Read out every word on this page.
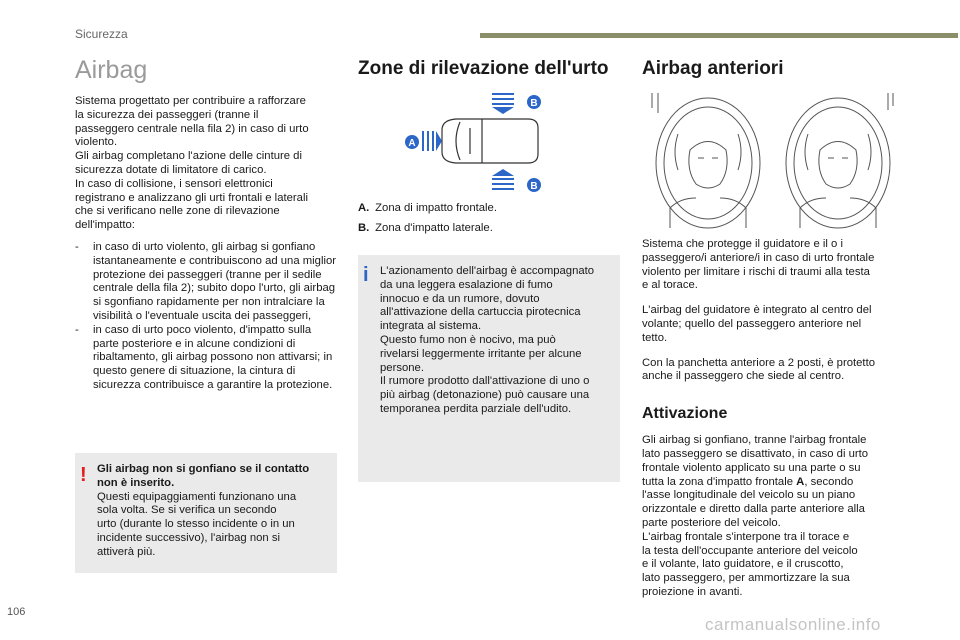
Sicurezza
Airbag

Sistema progettato per contribuire a rafforzare
la sicurezza dei passeggeri (tranne il
passeggero centrale nella fila 2) in caso di urto
violento.
Gli airbag completano l'azione delle cinture di
sicurezza dotate di limitatore di carico.
In caso di collisione, i sensori elettronici
registrano e analizzano gli urti frontali e laterali
che si verificano nelle zone di rilevazione
dell'impatto:

- in caso di urto violento, gli airbag si gonfiano istantaneamente e contribuiscono ad una miglior protezione dei passeggeri (tranne per il sedile centrale della fila 2); subito dopo l'urto, gli airbag si sgonfiano rapidamente per non intralciare la visibilità o l'eventuale uscita dei passeggeri,
- in caso di urto poco violento, d'impatto sulla parte posteriore e in alcune condizioni di ribaltamento, gli airbag possono non attivarsi; in questo genere di situazione, la cintura di sicurezza contribuisce a garantire la protezione.
! Gli airbag non si gonfiano se il contatto
non è inserito.
Questi equipaggiamenti funzionano una
sola volta. Se si verifica un secondo
urto (durante lo stesso incidente o in un
incidente successivo), l'airbag non si
attiverà più.
Zone di rilevazione dell'urto
A
B
B
A. Zona di impatto frontale.
B. Zona d'impatto laterale.
i L'azionamento dell'airbag è accompagnato
da una leggera esalazione di fumo
innocuo e da un rumore, dovuto
all'attivazione della cartuccia pirotecnica
integrata al sistema.
Questo fumo non è nocivo, ma può
rivelarsi leggermente irritante per alcune
persone.
Il rumore prodotto dall'attivazione di uno o
più airbag (detonazione) può causare una
temporanea perdita parziale dell'udito.
Airbag anteriori

Sistema che protegge il guidatore e il o i
passeggero/i anteriore/i in caso di urto frontale
violento per limitare i rischi di traumi alla testa
e al torace.

L'airbag del guidatore è integrato al centro del
volante; quello del passeggero anteriore nel
tetto.

Con la panchetta anteriore a 2 posti, è protetto
anche il passeggero che siede al centro.

Attivazione

Gli airbag si gonfiano, tranne l'airbag frontale
lato passeggero se disattivato, in caso di urto
frontale violento applicato su una parte o su
tutta la zona d'impatto frontale A, secondo
l'asse longitudinale del veicolo su un piano
orizzontale e diretto dalla parte anteriore alla
parte posteriore del veicolo.
L'airbag frontale s'interpone tra il torace e
la testa dell'occupante anteriore del veicolo
e il volante, lato guidatore, e il cruscotto,
lato passeggero, per ammortizzare la sua
proiezione in avanti.

106
carmanualsonline.info
